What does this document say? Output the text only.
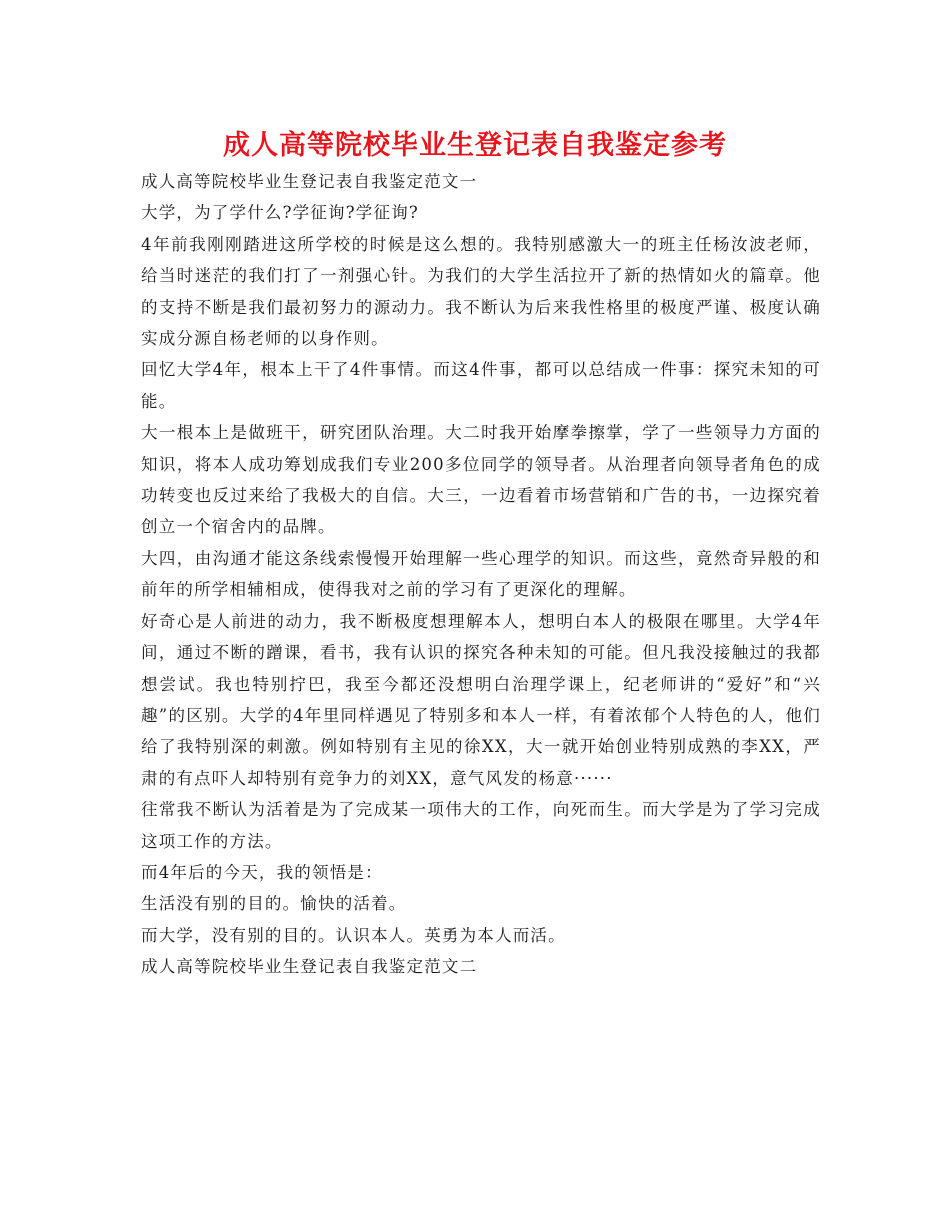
成人高等院校毕业生登记表自我鉴定参考

成人高等院校毕业生登记表自我鉴定范文一

大学，为了学什么?学征询?学征询?

4年前我刚刚踏进这所学校的时候是这么想的。我特别感激大一的班主任杨汝波老师，给当时迷茫的我们打了一剂强心针。为我们的大学生活拉开了新的热情如火的篇章。他的支持不断是我们最初努力的源动力。我不断认为后来我性格里的极度严谨、极度认确实成分源自杨老师的以身作则。

回忆大学4年，根本上干了4件事情。而这4件事，都可以总结成一件事：探究未知的可能。

大一根本上是做班干，研究团队治理。大二时我开始摩拳擦掌，学了一些领导力方面的知识，将本人成功筹划成我们专业200多位同学的领导者。从治理者向领导者角色的成功转变也反过来给了我极大的自信。大三，一边看着市场营销和广告的书，一边探究着创立一个宿舍内的品牌。

大四，由沟通才能这条线索慢慢开始理解一些心理学的知识。而这些，竟然奇异般的和前年的所学相辅相成，使得我对之前的学习有了更深化的理解。

好奇心是人前进的动力，我不断极度想理解本人，想明白本人的极限在哪里。大学4年间，通过不断的蹭课，看书，我有认识的探究各种未知的可能。但凡我没接触过的我都想尝试。我也特别拧巴，我至今都还没想明白治理学课上，纪老师讲的“爱好”和“兴趣”的区别。大学的4年里同样遇见了特别多和本人一样，有着浓郁个人特色的人，他们给了我特别深的刺激。例如特别有主见的徐XX，大一就开始创业特别成熟的李XX，严肃的有点吓人却特别有竞争力的刘XX，意气风发的杨意······

往常我不断认为活着是为了完成某一项伟大的工作，向死而生。而大学是为了学习完成这项工作的方法。

而4年后的今天，我的领悟是：

生活没有别的目的。愉快的活着。

而大学，没有别的目的。认识本人。英勇为本人而活。

成人高等院校毕业生登记表自我鉴定范文二
